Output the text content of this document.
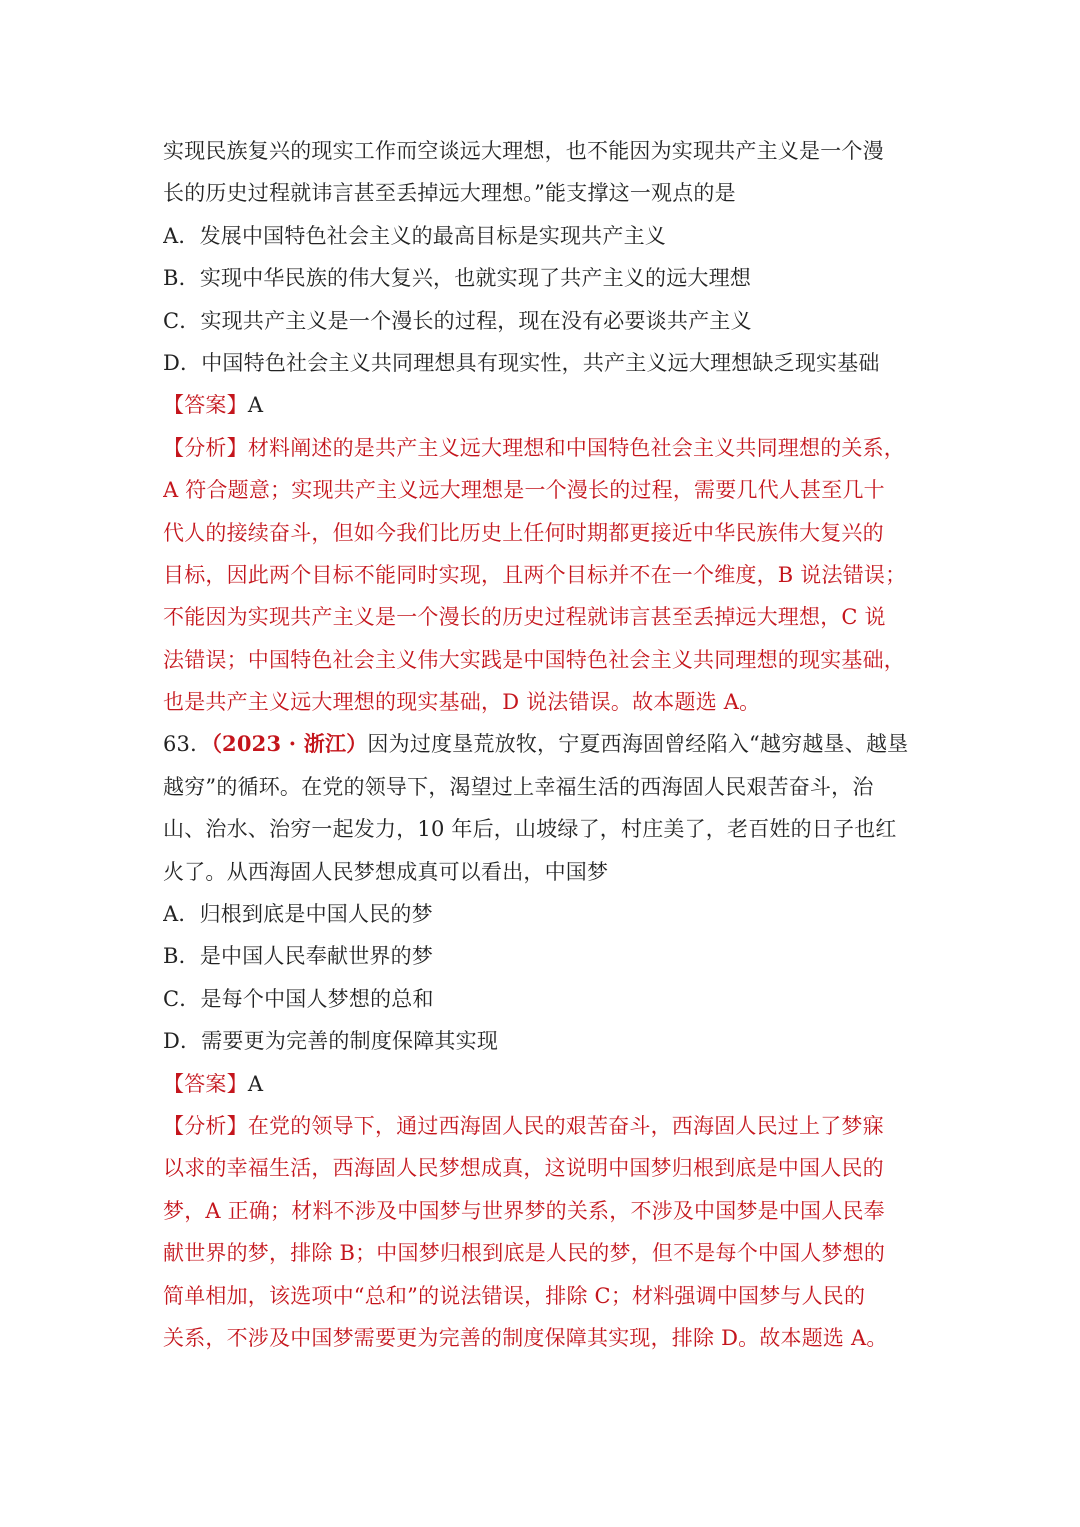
实现民族复兴的现实工作而空谈远大理想，也不能因为实现共产主义是一个漫
长的历史过程就讳言甚至丢掉远大理想。”能支撑这一观点的是
A．发展中国特色社会主义的最高目标是实现共产主义
B．实现中华民族的伟大复兴，也就实现了共产主义的远大理想
C．实现共产主义是一个漫长的过程，现在没有必要谈共产主义
D．中国特色社会主义共同理想具有现实性，共产主义远大理想缺乏现实基础
【答案】A
【分析】材料阐述的是共产主义远大理想和中国特色社会主义共同理想的关系，
A 符合题意；实现共产主义远大理想是一个漫长的过程，需要几代人甚至几十
代人的接续奋斗，但如今我们比历史上任何时期都更接近中华民族伟大复兴的
目标，因此两个目标不能同时实现，且两个目标并不在一个维度，B 说法错误；
不能因为实现共产主义是一个漫长的历史过程就讳言甚至丢掉远大理想，C 说
法错误；中国特色社会主义伟大实践是中国特色社会主义共同理想的现实基础，
也是共产主义远大理想的现实基础，D 说法错误。故本题选 A。
63．（2023 · 浙江）因为过度垦荒放牧，宁夏西海固曾经陷入“越穷越垦、越垦
越穷”的循环。在党的领导下，渴望过上幸福生活的西海固人民艰苦奋斗，治
山、治水、治穷一起发力，10 年后，山坡绿了，村庄美了，老百姓的日子也红
火了。从西海固人民梦想成真可以看出，中国梦
A．归根到底是中国人民的梦
B．是中国人民奉献世界的梦
C．是每个中国人梦想的总和
D．需要更为完善的制度保障其实现
【答案】A
【分析】在党的领导下，通过西海固人民的艰苦奋斗，西海固人民过上了梦寐
以求的幸福生活，西海固人民梦想成真，这说明中国梦归根到底是中国人民的
梦，A 正确；材料不涉及中国梦与世界梦的关系，不涉及中国梦是中国人民奉
献世界的梦，排除 B；中国梦归根到底是人民的梦，但不是每个中国人梦想的
简单相加，该选项中“总和”的说法错误，排除 C；材料强调中国梦与人民的
关系，不涉及中国梦需要更为完善的制度保障其实现，排除 D。故本题选 A。
